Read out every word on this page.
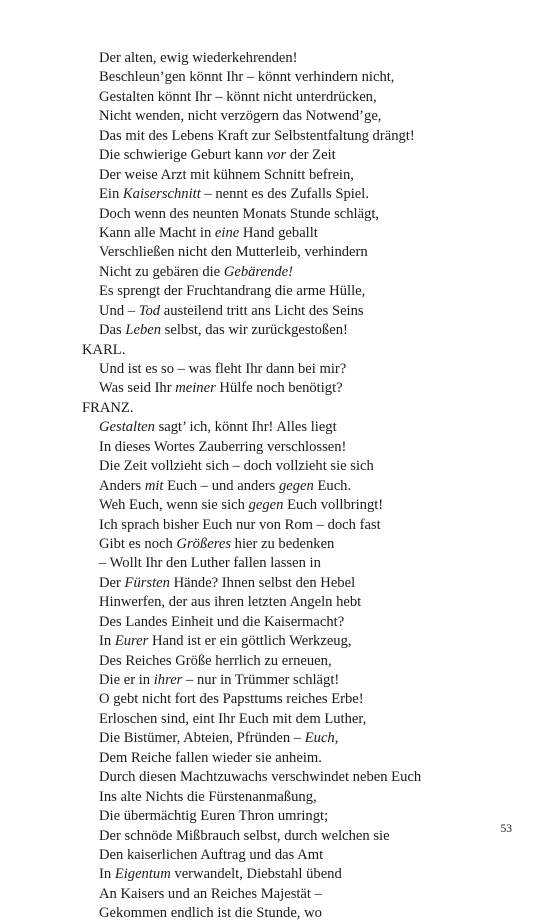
Der alten, ewig wiederkehrenden!
Beschleun’gen könnt Ihr – könnt verhindern nicht,
Gestalten könnt Ihr – könnt nicht unterdrücken,
Nicht wenden, nicht verzögern das Notwend’ge,
Das mit des Lebens Kraft zur Selbstentfaltung drängt!
Die schwierige Geburt kann vor der Zeit
Der weise Arzt mit kühnem Schnitt befrein,
Ein Kaiserschnitt – nennt es des Zufalls Spiel.
Doch wenn des neunten Monats Stunde schlägt,
Kann alle Macht in eine Hand geballt
Verschließen nicht den Mutterleib, verhindern
Nicht zu gebären die Gebärende!
Es sprengt der Fruchtandrang die arme Hülle,
Und – Tod austeilend tritt ans Licht des Seins
Das Leben selbst, das wir zurückgestoßen!
KARL.
Und ist es so – was fleht Ihr dann bei mir?
Was seid Ihr meiner Hülfe noch benötigt?
FRANZ.
Gestalten sagt’ ich, könnt Ihr! Alles liegt
In dieses Wortes Zauberring verschlossen!
Die Zeit vollzieht sich – doch vollzieht sie sich
Anders mit Euch – und anders gegen Euch.
Weh Euch, wenn sie sich gegen Euch vollbringt!
Ich sprach bisher Euch nur von Rom – doch fast
Gibt es noch Größeres hier zu bedenken
– Wollt Ihr den Luther fallen lassen in
Der Fürsten Hände? Ihnen selbst den Hebel
Hinwerfen, der aus ihren letzten Angeln hebt
Des Landes Einheit und die Kaisermacht?
In Eurer Hand ist er ein göttlich Werkzeug,
Des Reiches Größe herrlich zu erneuen,
Die er in ihrer – nur in Trümmer schlägt!
O gebt nicht fort des Papsttums reiches Erbe!
Erloschen sind, eint Ihr Euch mit dem Luther,
Die Bistümer, Abteien, Pfründen – Euch,
Dem Reiche fallen wieder sie anheim.
Durch diesen Machtzuwachs verschwindet neben Euch
Ins alte Nichts die Fürstenanmaßung,
Die übermächtig Euren Thron umringt;
Der schnöde Mißbrauch selbst, durch welchen sie
Den kaiserlichen Auftrag und das Amt
In Eigentum verwandelt, Diebstahl übend
An Kaisers und an Reiches Majestät –
Gekommen endlich ist die Stunde, wo
53
